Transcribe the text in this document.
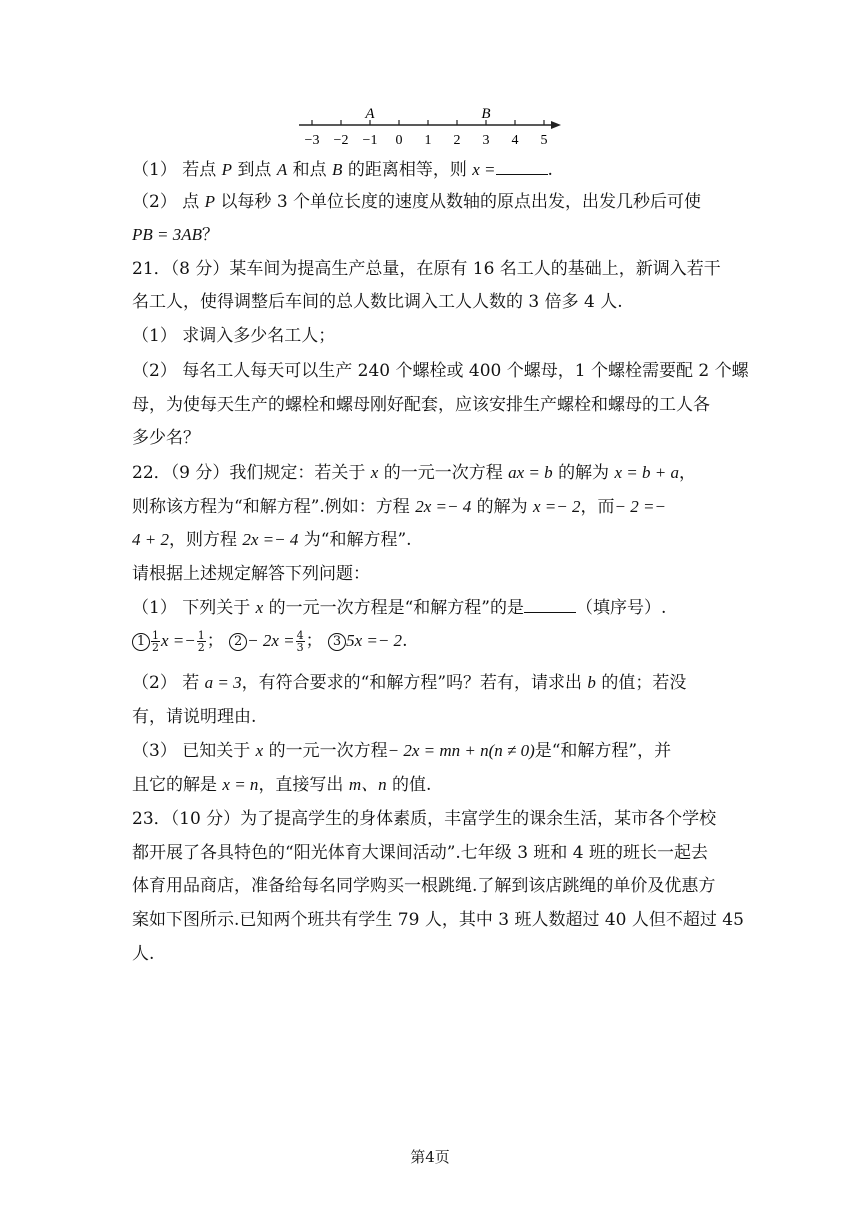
−3 −2 −1 0 1 2 3 4 5
A	B
（1） 若点 P 到点 A 和点 B 的距离相等，则 x =	.
（2） 点 P 以每秒 3 个单位长度的速度从数轴的原点出发，出发几秒后可使
PB = 3AB？
21．（8 分）某车间为提高生产总量，在原有 16 名工人的基础上，新调入若干
名工人，使得调整后车间的总人数比调入工人人数的 3 倍多 4 人.
（1） 求调入多少名工人；
（2） 每名工人每天可以生产 240 个螺栓或 400 个螺母，1 个螺栓需要配 2 个螺
母，为使每天生产的螺栓和螺母刚好配套，应该安排生产螺栓和螺母的工人各
多少名？
22．（9 分）我们规定：若关于 x 的一元一次方程 ax = b 的解为 x = b + a，
则称该方程为“和解方程”.例如：方程 2x =− 4 的解为 x =− 2，而− 2 =−
4 + 2，则方程 2x =− 4 为“和解方程”.
请根据上述规定解答下列问题：
（1） 下列关于 x 的一元一次方程是“和解方程”的是	（填序号）.
$1 \frac{1}{2}$ $x =- \frac{1}{2}$ ； $2 - 2x = \frac{4}{3}$ ； 3 5x =− 2.
（2） 若 a = 3，有符合要求的“和解方程”吗？若有，请求出 b 的值；若没
有，请说明理由.
（3） 已知关于 x 的一元一次方程− 2x = mn + n(n ≠ 0)是“和解方程”，并
且它的解是 x = n，直接写出 m、n 的值.
23．（10 分）为了提高学生的身体素质，丰富学生的课余生活，某市各个学校
都开展了各具特色的“阳光体育大课间活动”.七年级 3 班和 4 班的班长一起去
体育用品商店，准备给每名同学购买一根跳绳.了解到该店跳绳的单价及优惠方
案如下图所示.已知两个班共有学生 79 人，其中 3 班人数超过 40 人但不超过 45
人.
第4页
